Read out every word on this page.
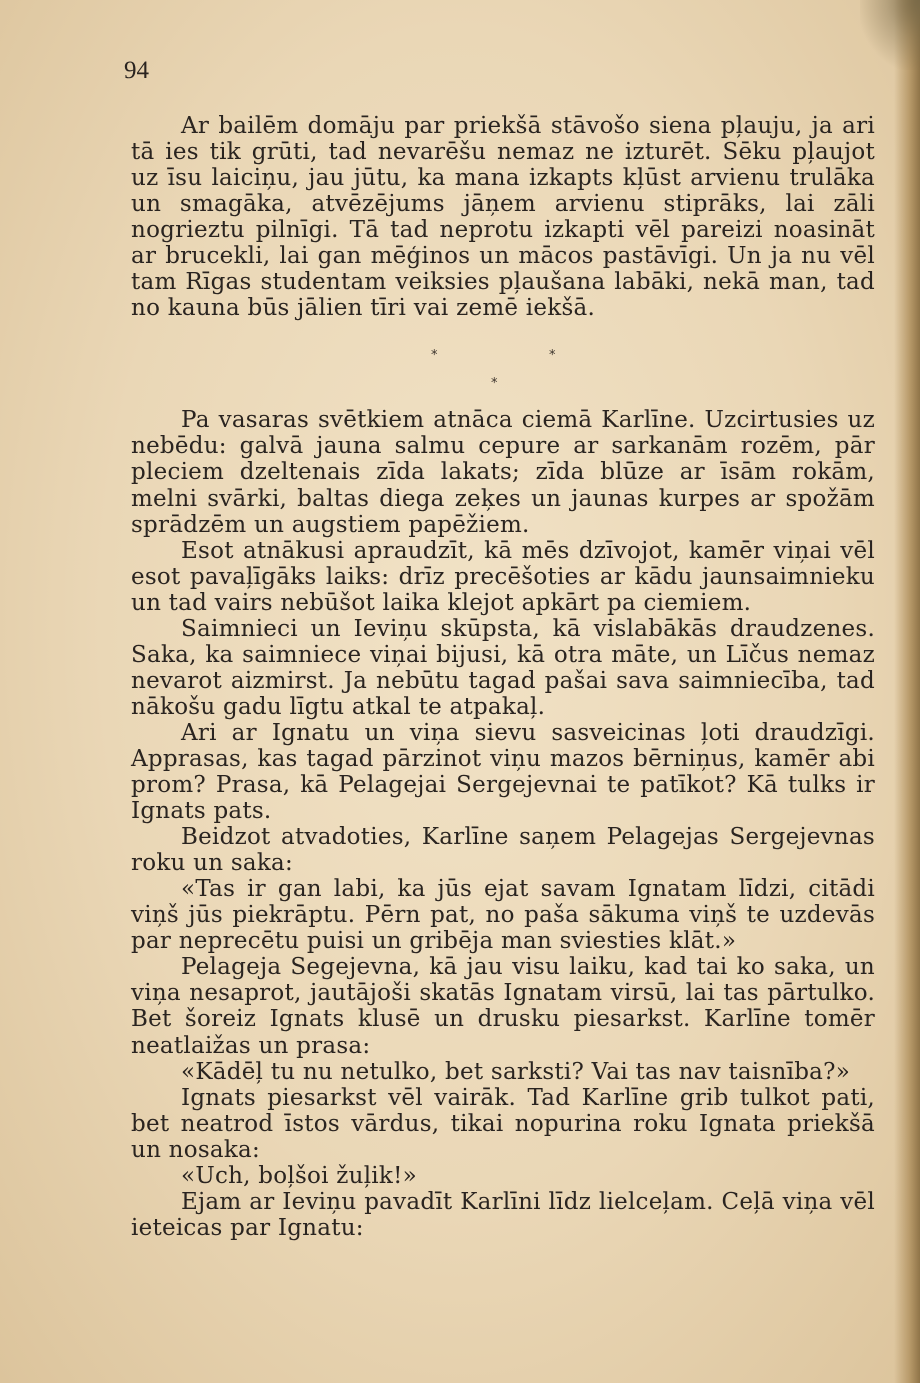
94

Ar bailēm domāju par priekšā stāvošo siena pļauju, ja ari tā ies tik grūti, tad nevarēšu nemaz ne izturēt. Sēku pļaujot uz īsu laiciņu, jau jūtu, ka mana izkapts kļūst arvienu trulāka un smagāka, atvēzējums jāņem arvienu stiprāks, lai zāli nogrieztu pilnīgi. Tā tad neprotu izkapti vēl pareizi noasināt ar brucekli, lai gan mēģinos un mācos pastāvīgi. Un ja nu vēl tam Rīgas studentam veiksies pļaušana labāki, nekā man, tad no kauna būs jālien tīri vai zemē iekšā.

*	*
*

Pa vasaras svētkiem atnāca ciemā Karlīne. Uzcirtusies uz nebēdu: galvā jauna salmu cepure ar sarkanām rozēm, pār pleciem dzeltenais zīda lakats; zīda blūze ar īsām rokām, melni svārki, baltas diega zeķes un jaunas kurpes ar spožām sprādzēm un augstiem papēžiem.

Esot atnākusi apraudzīt, kā mēs dzīvojot, kamēr viņai vēl esot pavaļīgāks laiks: drīz precēšoties ar kādu jaunsaimnieku un tad vairs nebūšot laika klejot apkārt pa ciemiem.

Saimnieci un Ieviņu skūpsta, kā vislabākās draudzenes. Saka, ka saimniece viņai bijusi, kā otra māte, un Līčus nemaz nevarot aizmirst. Ja nebūtu tagad pašai sava saimniecība, tad nākošu gadu līgtu atkal te atpakaļ.

Ari ar Ignatu un viņa sievu sasveicinas ļoti draudzīgi. Apprasas, kas tagad pārzinot viņu mazos bērniņus, kamēr abi prom? Prasa, kā Pelagejai Sergejevnai te patīkot? Kā tulks ir Ignats pats.

Beidzot atvadoties, Karlīne saņem Pelagejas Sergejevnas roku un saka:

«Tas ir gan labi, ka jūs ejat savam Ignatam līdzi, citādi viņš jūs piekrāptu. Pērn pat, no paša sākuma viņš te uzdevās par neprecētu puisi un gribēja man sviesties klāt.»

Pelageja Segejevna, kā jau visu laiku, kad tai ko saka, un viņa nesaprot, jautājoši skatās Ignatam virsū, lai tas pārtulko. Bet šoreiz Ignats klusē un drusku piesarkst. Karlīne tomēr neatlaižas un prasa:

«Kādēļ tu nu netulko, bet sarksti? Vai tas nav taisnība?»

Ignats piesarkst vēl vairāk. Tad Karlīne grib tulkot pati, bet neatrod īstos vārdus, tikai nopurina roku Ignata priekšā un nosaka:

«Uch, boļšoi žuļik!»

Ejam ar Ieviņu pavadīt Karlīni līdz lielceļam. Ceļā viņa vēl ieteicas par Ignatu:
